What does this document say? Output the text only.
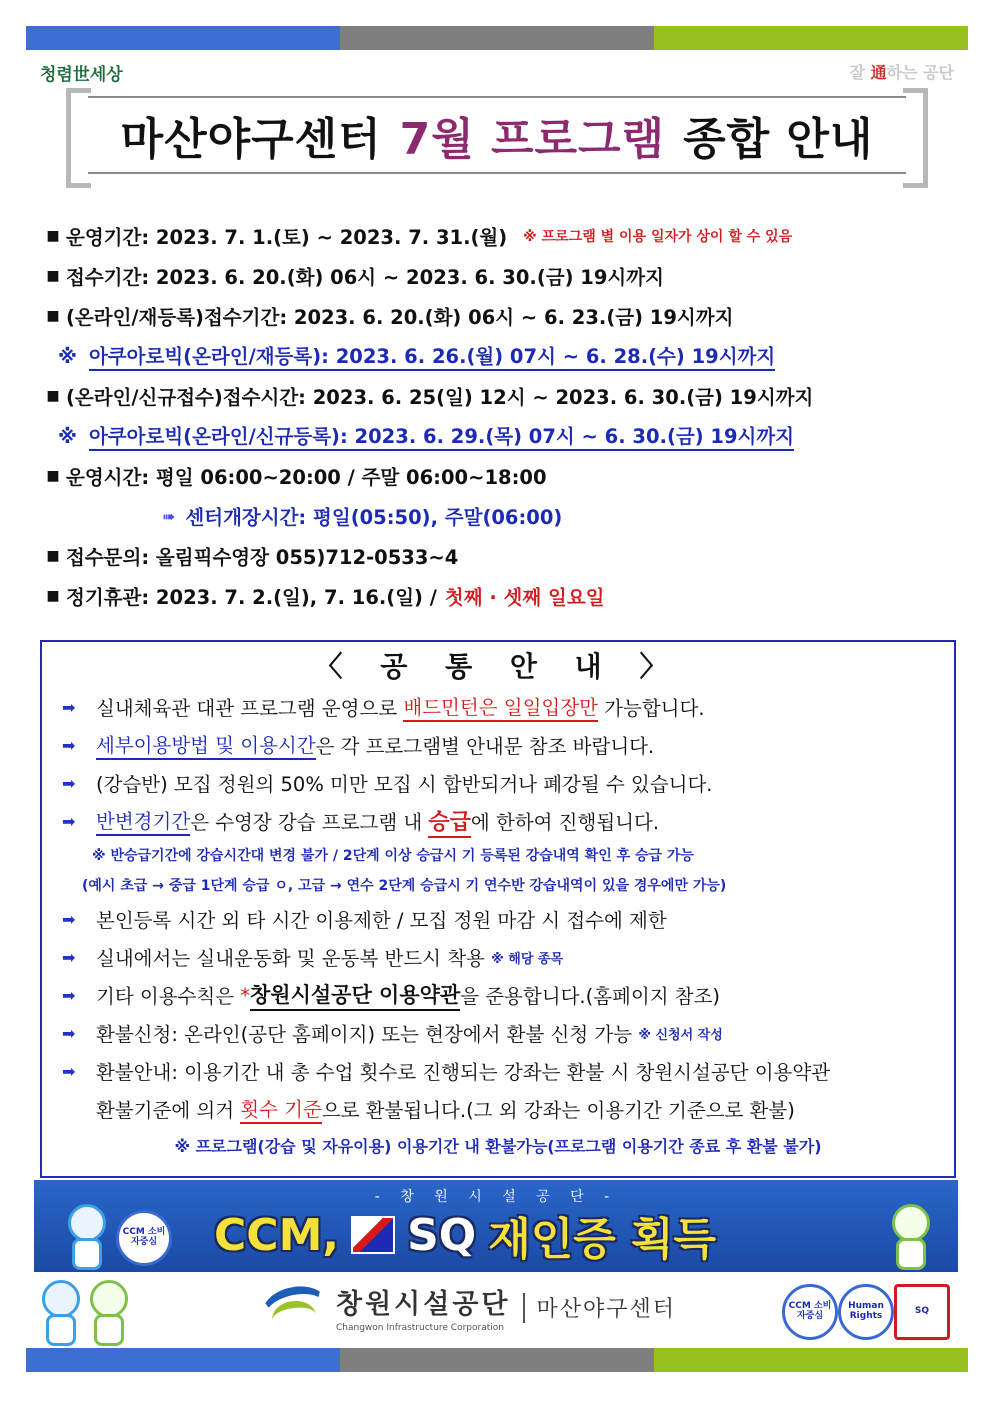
청렴世세상	잘 通하는 공단
마산야구센터 7월 프로그램 종합 안내
■ 운영기간: 2023. 7. 1.(토) ~ 2023. 7. 31.(월) ※ 프로그램 별 이용 일자가 상이 할 수 있음
■ 접수기간: 2023. 6. 20.(화) 06시 ~ 2023. 6. 30.(금) 19시까지
■ (온라인/재등록)접수기간: 2023. 6. 20.(화) 06시 ~ 6. 23.(금) 19시까지
※ 아쿠아로빅(온라인/재등록): 2023. 6. 26.(월) 07시 ~ 6. 28.(수) 19시까지
■ (온라인/신규접수)접수시간: 2023. 6. 25(일) 12시 ~ 2023. 6. 30.(금) 19시까지
※ 아쿠아로빅(온라인/신규등록): 2023. 6. 29.(목) 07시 ~ 6. 30.(금) 19시까지
■ 운영시간: 평일 06:00~20:00 / 주말 06:00~18:00
➠ 센터개장시간: 평일(05:50), 주말(06:00)
■ 접수문의: 올림픽수영장 055)712-0533~4
■ 정기휴관: 2023. 7. 2.(일), 7. 16.(일) / 첫째 · 셋째 일요일
〈 공 통 안 내 〉
➡	실내체육관 대관 프로그램 운영으로
배드민턴은 일일입장만
가능합니다.
➡	세부이용방법 및 이용시간 은 각 프로그램별 안내문 참조 바랍니다.
➡	(강습반) 모집 정원의 50% 미만 모집 시 합반되거나 폐강될 수 있습니다.
➡	반변경기간 은 수영장 강습 프로그램 내
승급 에 한하여 진행됩니다.
※ 반승급기간에 강습시간대 변경 불가 / 2단계 이상 승급시 기 등록된 강습내역 확인 후 승급 가능
(예시 초급 → 중급 1단계 승급 ㅇ, 고급 → 연수 2단계 승급시 기 연수반 강습내역이 있을 경우에만 가능)
➡	본인등록 시간 외 타 시간 이용제한 / 모집 정원 마감 시 접수에 제한
➡	실내에서는 실내운동화 및 운동복 반드시 착용
※ 해당 종목
➡	기타 이용수칙은
* 창원시설공단 이용약관 을 준용합니다.(홈페이지 참조)
➡	환불신청: 온라인(공단 홈페이지) 또는 현장에서 환불 신청 가능
※ 신청서 작성
➡	환불안내: 이용기간 내 총 수업 횟수로 진행되는 강좌는 환불 시 창원시설공단 이용약관
환불기준에 의거
횟수 기준 으로 환불됩니다.(그 외 강좌는 이용기간 기준으로 환불)
※ 프로그램(강습 및 자유이용) 이용기간 내 환불가능(프로그램 이용기간 종료 후 환불 불가)
- 창 원 시 설 공 단 -
CCM 소비자중심	CCM, SQ 재인증 획득
창원시설공단
Changwon Infrastructure Corporation
마산야구센터	CCM 소비자중심
Human Rights	SQ
